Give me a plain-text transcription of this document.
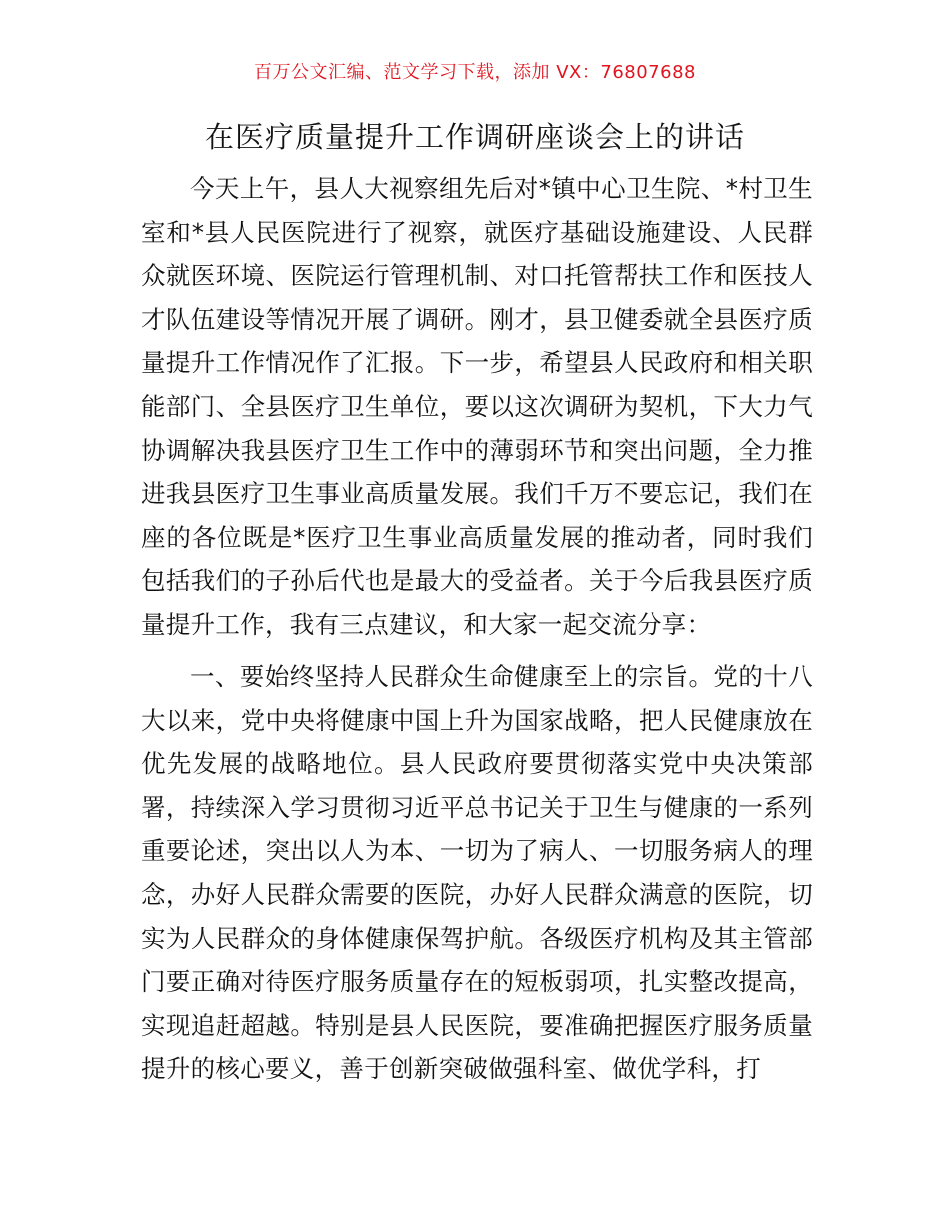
百万公文汇编、范文学习下载，添加 VX：76807688
在医疗质量提升工作调研座谈会上的讲话
今天上午，县人大视察组先后对*镇中心卫生院、*村卫生室和*县人民医院进行了视察，就医疗基础设施建设、人民群众就医环境、医院运行管理机制、对口托管帮扶工作和医技人才队伍建设等情况开展了调研。刚才，县卫健委就全县医疗质量提升工作情况作了汇报。下一步，希望县人民政府和相关职能部门、全县医疗卫生单位，要以这次调研为契机，下大力气协调解决我县医疗卫生工作中的薄弱环节和突出问题，全力推进我县医疗卫生事业高质量发展。我们千万不要忘记，我们在座的各位既是*医疗卫生事业高质量发展的推动者，同时我们包括我们的子孙后代也是最大的受益者。关于今后我县医疗质量提升工作，我有三点建议，和大家一起交流分享：
一、要始终坚持人民群众生命健康至上的宗旨。党的十八大以来，党中央将健康中国上升为国家战略，把人民健康放在优先发展的战略地位。县人民政府要贯彻落实党中央决策部署，持续深入学习贯彻习近平总书记关于卫生与健康的一系列重要论述，突出以人为本、一切为了病人、一切服务病人的理念，办好人民群众需要的医院，办好人民群众满意的医院，切实为人民群众的身体健康保驾护航。各级医疗机构及其主管部门要正确对待医疗服务质量存在的短板弱项，扎实整改提高，实现追赶超越。特别是县人民医院，要准确把握医疗服务质量提升的核心要义，善于创新突破做强科室、做优学科，打
